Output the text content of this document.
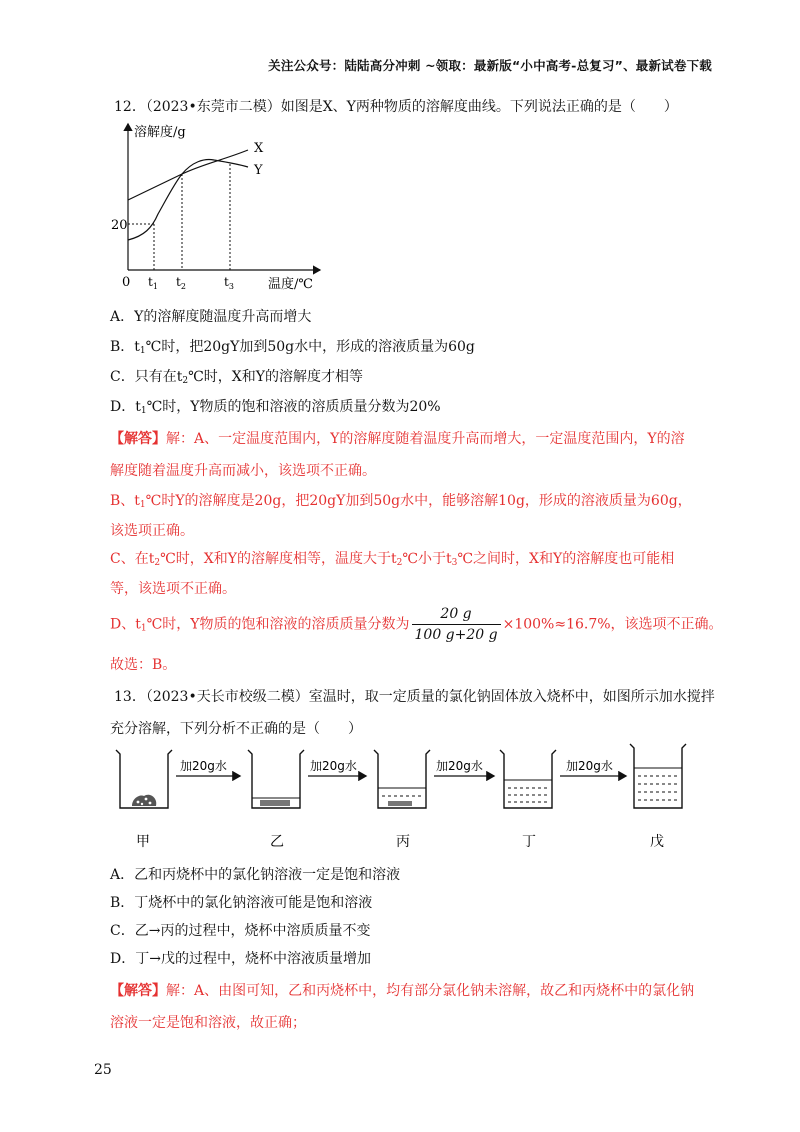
关注公众号：陆陆高分冲刺 ~领取：最新版“小中高考-总复习”、最新试卷下载
12．（2023•东莞市二模）如图是X、Y两种物质的溶解度曲线。下列说法正确的是（　　）
溶解度/g
温度/℃
0
20
X
Y
$t_1$ $t_2$	$t_3$
A．Y的溶解度随温度升高而增大
B．$t_1℃$时，把20gY加到50g水中，形成的溶液质量为60g
C．只有在$t_2℃$时，X和Y的溶解度才相等
D．$t_1℃$时，Y物质的饱和溶液的溶质质量分数为20%
【解答】解：A、一定温度范围内，Y的溶解度随着温度升高而增大，一定温度范围内，Y的溶
解度随着温度升高而减小，该选项不正确。
B、$t_1℃$时Y的溶解度是20g，把20gY加到50g水中，能够溶解10g，形成的溶液质量为60g，
该选项正确。
C、在$t_2℃$时，X和Y的溶解度相等，温度大于$t_2℃$小于$t_3℃$之间时，X和Y的溶解度也可能相
等，该选项不正确。
D、$t_1℃$时，Y物质的饱和溶液的溶质质量分数为 $\frac{20 g}{100 g+20 g} \times 100\%\approx 16.7\%$，该选项不正确。
故选：B。
13．（2023•天长市校级二模）室温时，取一定质量的氯化钠固体放入烧杯中，如图所示加水搅拌
充分溶解，下列分析不正确的是（　　）
加20g水	加20g水	加20g水	加20g水
甲	乙	丙	丁	戊
A．乙和丙烧杯中的氯化钠溶液一定是饱和溶液
B．丁烧杯中的氯化钠溶液可能是饱和溶液
C．乙→丙的过程中，烧杯中溶质质量不变
D．丁→戊的过程中，烧杯中溶液质量增加
【解答】解：A、由图可知，乙和丙烧杯中，均有部分氯化钠未溶解，故乙和丙烧杯中的氯化钠
溶液一定是饱和溶液，故正确；
25
